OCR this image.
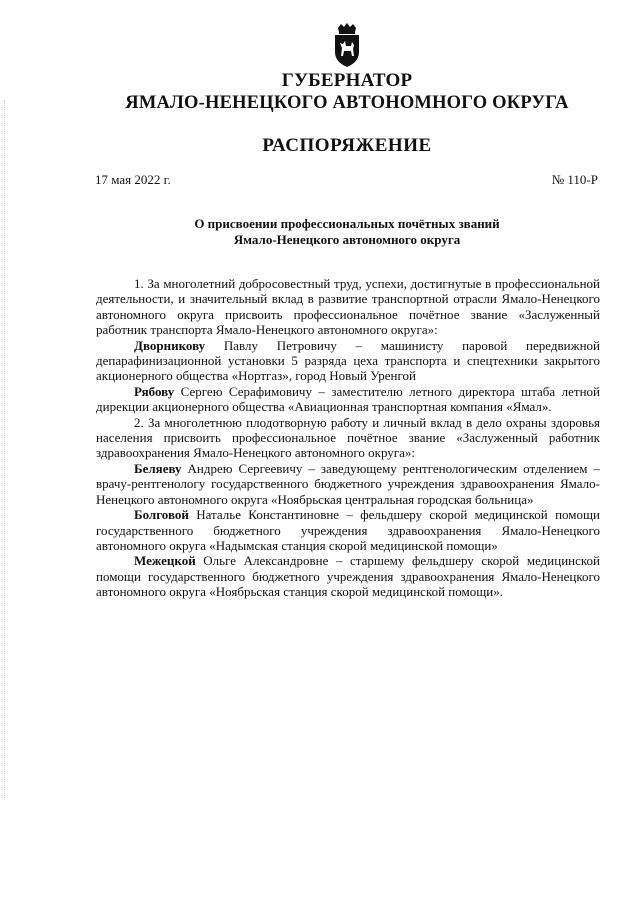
ГУБЕРНАТОР
ЯМАЛО-НЕНЕЦКОГО АВТОНОМНОГО ОКРУГА
РАСПОРЯЖЕНИЕ
17 мая 2022 г.	№ 110-Р
О присвоении профессиональных почётных званий
Ямало-Ненецкого автономного округа

1. За многолетний добросовестный труд, успехи, достигнутые в профессиональной деятельности, и значительный вклад в развитие транспортной отрасли Ямало-Ненецкого автономного округа присвоить профессиональное почётное звание «Заслуженный работник транспорта Ямало-Ненецкого автономного округа»:

Дворникову Павлу Петровичу – машинисту паровой передвижной депарафинизационной установки 5 разряда цеха транспорта и спецтехники закрытого акционерного общества «Нортгаз», город Новый Уренгой

Рябову Сергею Серафимовичу – заместителю летного директора штаба летной дирекции акционерного общества «Авиационная транспортная компания «Ямал».

2. За многолетнюю плодотворную работу и личный вклад в дело охраны здоровья населения присвоить профессиональное почётное звание «Заслуженный работник здравоохранения Ямало-Ненецкого автономного округа»:

Беляеву Андрею Сергеевичу – заведующему рентгенологическим отделением – врачу-рентгенологу государственного бюджетного учреждения здравоохранения Ямало-Ненецкого автономного округа «Ноябрьская центральная городская больница»

Болговой Наталье Константиновне – фельдшеру скорой медицинской помощи государственного бюджетного учреждения здравоохранения Ямало-Ненецкого автономного округа «Надымская станция скорой медицинской помощи»

Межецкой Ольге Александровне – старшему фельдшеру скорой медицинской помощи государственного бюджетного учреждения здравоохранения Ямало-Ненецкого автономного округа «Ноябрьская станция скорой медицинской помощи».
